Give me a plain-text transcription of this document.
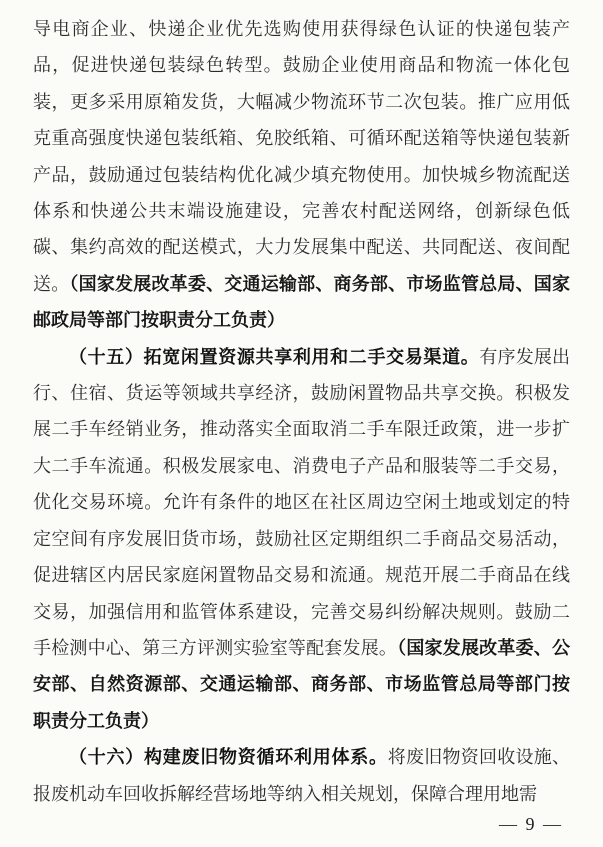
导电商企业、快递企业优先选购使用获得绿色认证的快递包装产品，促进快递包装绿色转型。鼓励企业使用商品和物流一体化包装，更多采用原箱发货，大幅减少物流环节二次包装。推广应用低克重高强度快递包装纸箱、免胶纸箱、可循环配送箱等快递包装新产品，鼓励通过包装结构优化减少填充物使用。加快城乡物流配送体系和快递公共末端设施建设，完善农村配送网络，创新绿色低碳、集约高效的配送模式，大力发展集中配送、共同配送、夜间配送。（国家发展改革委、交通运输部、商务部、市场监管总局、国家邮政局等部门按职责分工负责）

（十五）拓宽闲置资源共享利用和二手交易渠道。有序发展出行、住宿、货运等领域共享经济，鼓励闲置物品共享交换。积极发展二手车经销业务，推动落实全面取消二手车限迁政策，进一步扩大二手车流通。积极发展家电、消费电子产品和服装等二手交易，优化交易环境。允许有条件的地区在社区周边空闲土地或划定的特定空间有序发展旧货市场，鼓励社区定期组织二手商品交易活动，促进辖区内居民家庭闲置物品交易和流通。规范开展二手商品在线交易，加强信用和监管体系建设，完善交易纠纷解决规则。鼓励二手检测中心、第三方评测实验室等配套发展。（国家发展改革委、公安部、自然资源部、交通运输部、商务部、市场监管总局等部门按职责分工负责）

（十六）构建废旧物资循环利用体系。将废旧物资回收设施、报废机动车回收拆解经营场地等纳入相关规划，保障合理用地需

— 9 —
